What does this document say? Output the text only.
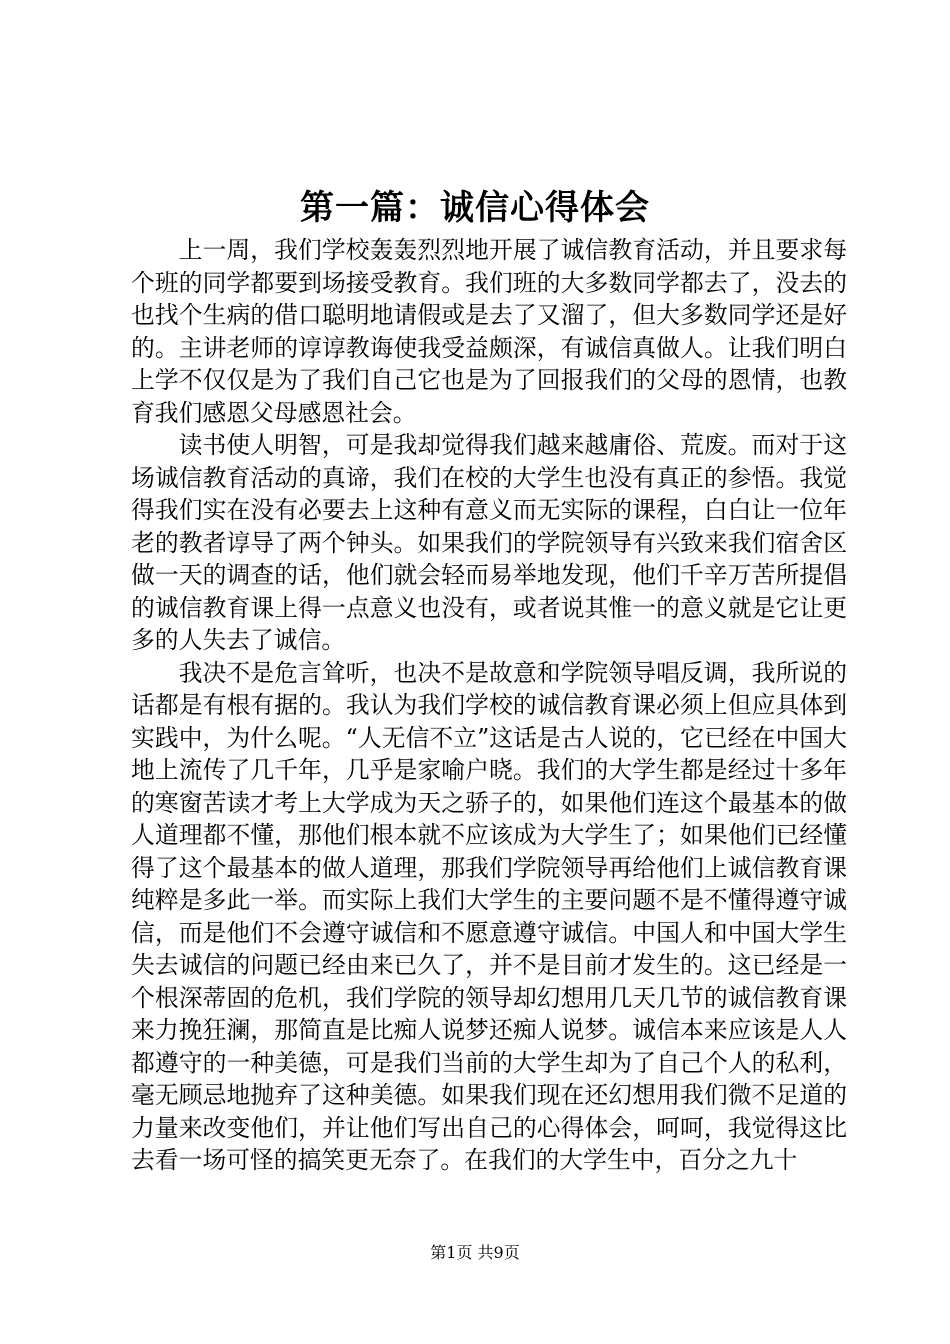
第一篇：诚信心得体会

上一周，我们学校轰轰烈烈地开展了诚信教育活动，并且要求每个班的同学都要到场接受教育。我们班的大多数同学都去了，没去的也找个生病的借口聪明地请假或是去了又溜了，但大多数同学还是好的。主讲老师的谆谆教诲使我受益颇深，有诚信真做人。让我们明白上学不仅仅是为了我们自己它也是为了回报我们的父母的恩情，也教育我们感恩父母感恩社会。

读书使人明智，可是我却觉得我们越来越庸俗、荒废。而对于这场诚信教育活动的真谛，我们在校的大学生也没有真正的参悟。我觉得我们实在没有必要去上这种有意义而无实际的课程，白白让一位年老的教者谆导了两个钟头。如果我们的学院领导有兴致来我们宿舍区做一天的调查的话，他们就会轻而易举地发现，他们千辛万苦所提倡的诚信教育课上得一点意义也没有，或者说其惟一的意义就是它让更多的人失去了诚信。

我决不是危言耸听，也决不是故意和学院领导唱反调，我所说的话都是有根有据的。我认为我们学校的诚信教育课必须上但应具体到实践中，为什么呢。“人无信不立”这话是古人说的，它已经在中国大地上流传了几千年，几乎是家喻户晓。我们的大学生都是经过十多年的寒窗苦读才考上大学成为天之骄子的，如果他们连这个最基本的做人道理都不懂，那他们根本就不应该成为大学生了；如果他们已经懂得了这个最基本的做人道理，那我们学院领导再给他们上诚信教育课纯粹是多此一举。而实际上我们大学生的主要问题不是不懂得遵守诚信，而是他们不会遵守诚信和不愿意遵守诚信。中国人和中国大学生失去诚信的问题已经由来已久了，并不是目前才发生的。这已经是一个根深蒂固的危机，我们学院的领导却幻想用几天几节的诚信教育课来力挽狂澜，那简直是比痴人说梦还痴人说梦。诚信本来应该是人人都遵守的一种美德，可是我们当前的大学生却为了自己个人的私利，毫无顾忌地抛弃了这种美德。如果我们现在还幻想用我们微不足道的力量来改变他们，并让他们写出自己的心得体会，呵呵，我觉得这比去看一场可怪的搞笑更无奈了。在我们的大学生中，百分之九十

第1页 共9页
